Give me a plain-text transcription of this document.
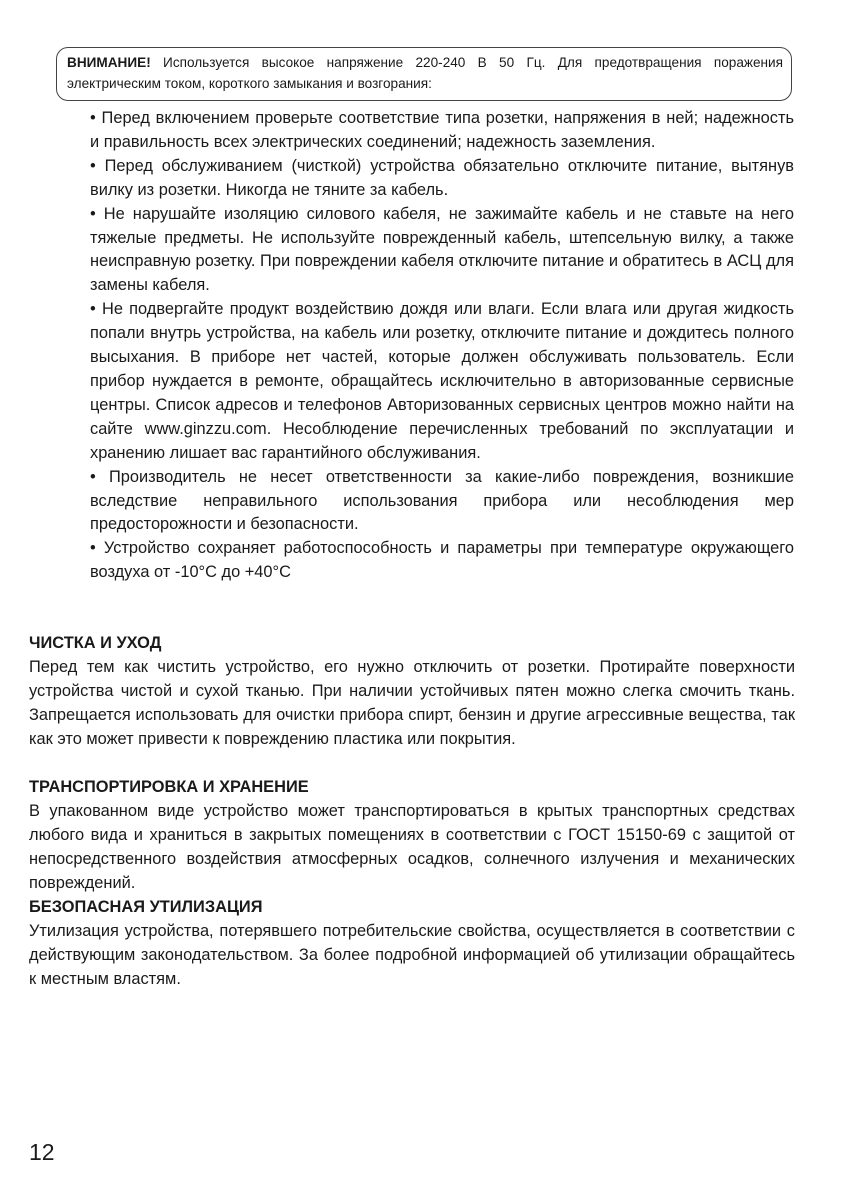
ВНИМАНИЕ! Используется высокое напряжение 220-240 В 50 Гц. Для предотвращения поражения электрическим током, короткого замыкания и возгорания:

• Перед включением проверьте соответствие типа розетки, напряжения в ней; надежность и правильность всех электрических соединений; надежность заземления.

• Перед обслуживанием (чисткой) устройства обязательно отключите питание, вытянув вилку из розетки. Никогда не тяните за кабель.

• Не нарушайте изоляцию силового кабеля, не зажимайте кабель и не ставьте на него тяжелые предметы. Не используйте поврежденный кабель, штепсельную вилку, а также неисправную розетку. При повреждении кабеля отключите питание и обратитесь в АСЦ для замены кабеля.

• Не подвергайте продукт воздействию дождя или влаги. Если влага или другая жидкость попали внутрь устройства, на кабель или розетку, отключите питание и дождитесь полного высыхания. В приборе нет частей, которые должен обслуживать пользователь. Если прибор нуждается в ремонте, обращайтесь исключительно в авторизованные сервисные центры. Список адресов и телефонов Авторизованных сервисных центров можно найти на сайте www.ginzzu.com. Несоблюдение перечисленных требований по эксплуатации и хранению лишает вас гарантийного обслуживания.

• Производитель не несет ответственности за какие-либо повреждения, возникшие вследствие неправильного использования прибора или несоблюдения мер предосторожности и безопасности.

• Устройство сохраняет работоспособность и параметры при температуре окружающего воздуха от -10°C до +40°C

ЧИСТКА И УХОД

Перед тем как чистить устройство, его нужно отключить от розетки. Протирайте поверхности устройства чистой и сухой тканью. При наличии устойчивых пятен можно слегка смочить ткань. Запрещается использовать для очистки прибора спирт, бензин и другие агрессивные вещества, так как это может привести к повреждению пластика или покрытия.

ТРАНСПОРТИРОВКА И ХРАНЕНИЕ

В упакованном виде устройство может транспортироваться в крытых транспортных средствах любого вида и храниться в закрытых помещениях в соответствии с ГОСТ 15150-69 с защитой от непосредственного воздействия атмосферных осадков, солнечного излучения и механических повреждений.

БЕЗОПАСНАЯ УТИЛИЗАЦИЯ

Утилизация устройства, потерявшего потребительские свойства, осуществляется в соответствии с действующим законодательством. За более подробной информацией об утилизации обращайтесь к местным властям.

12
